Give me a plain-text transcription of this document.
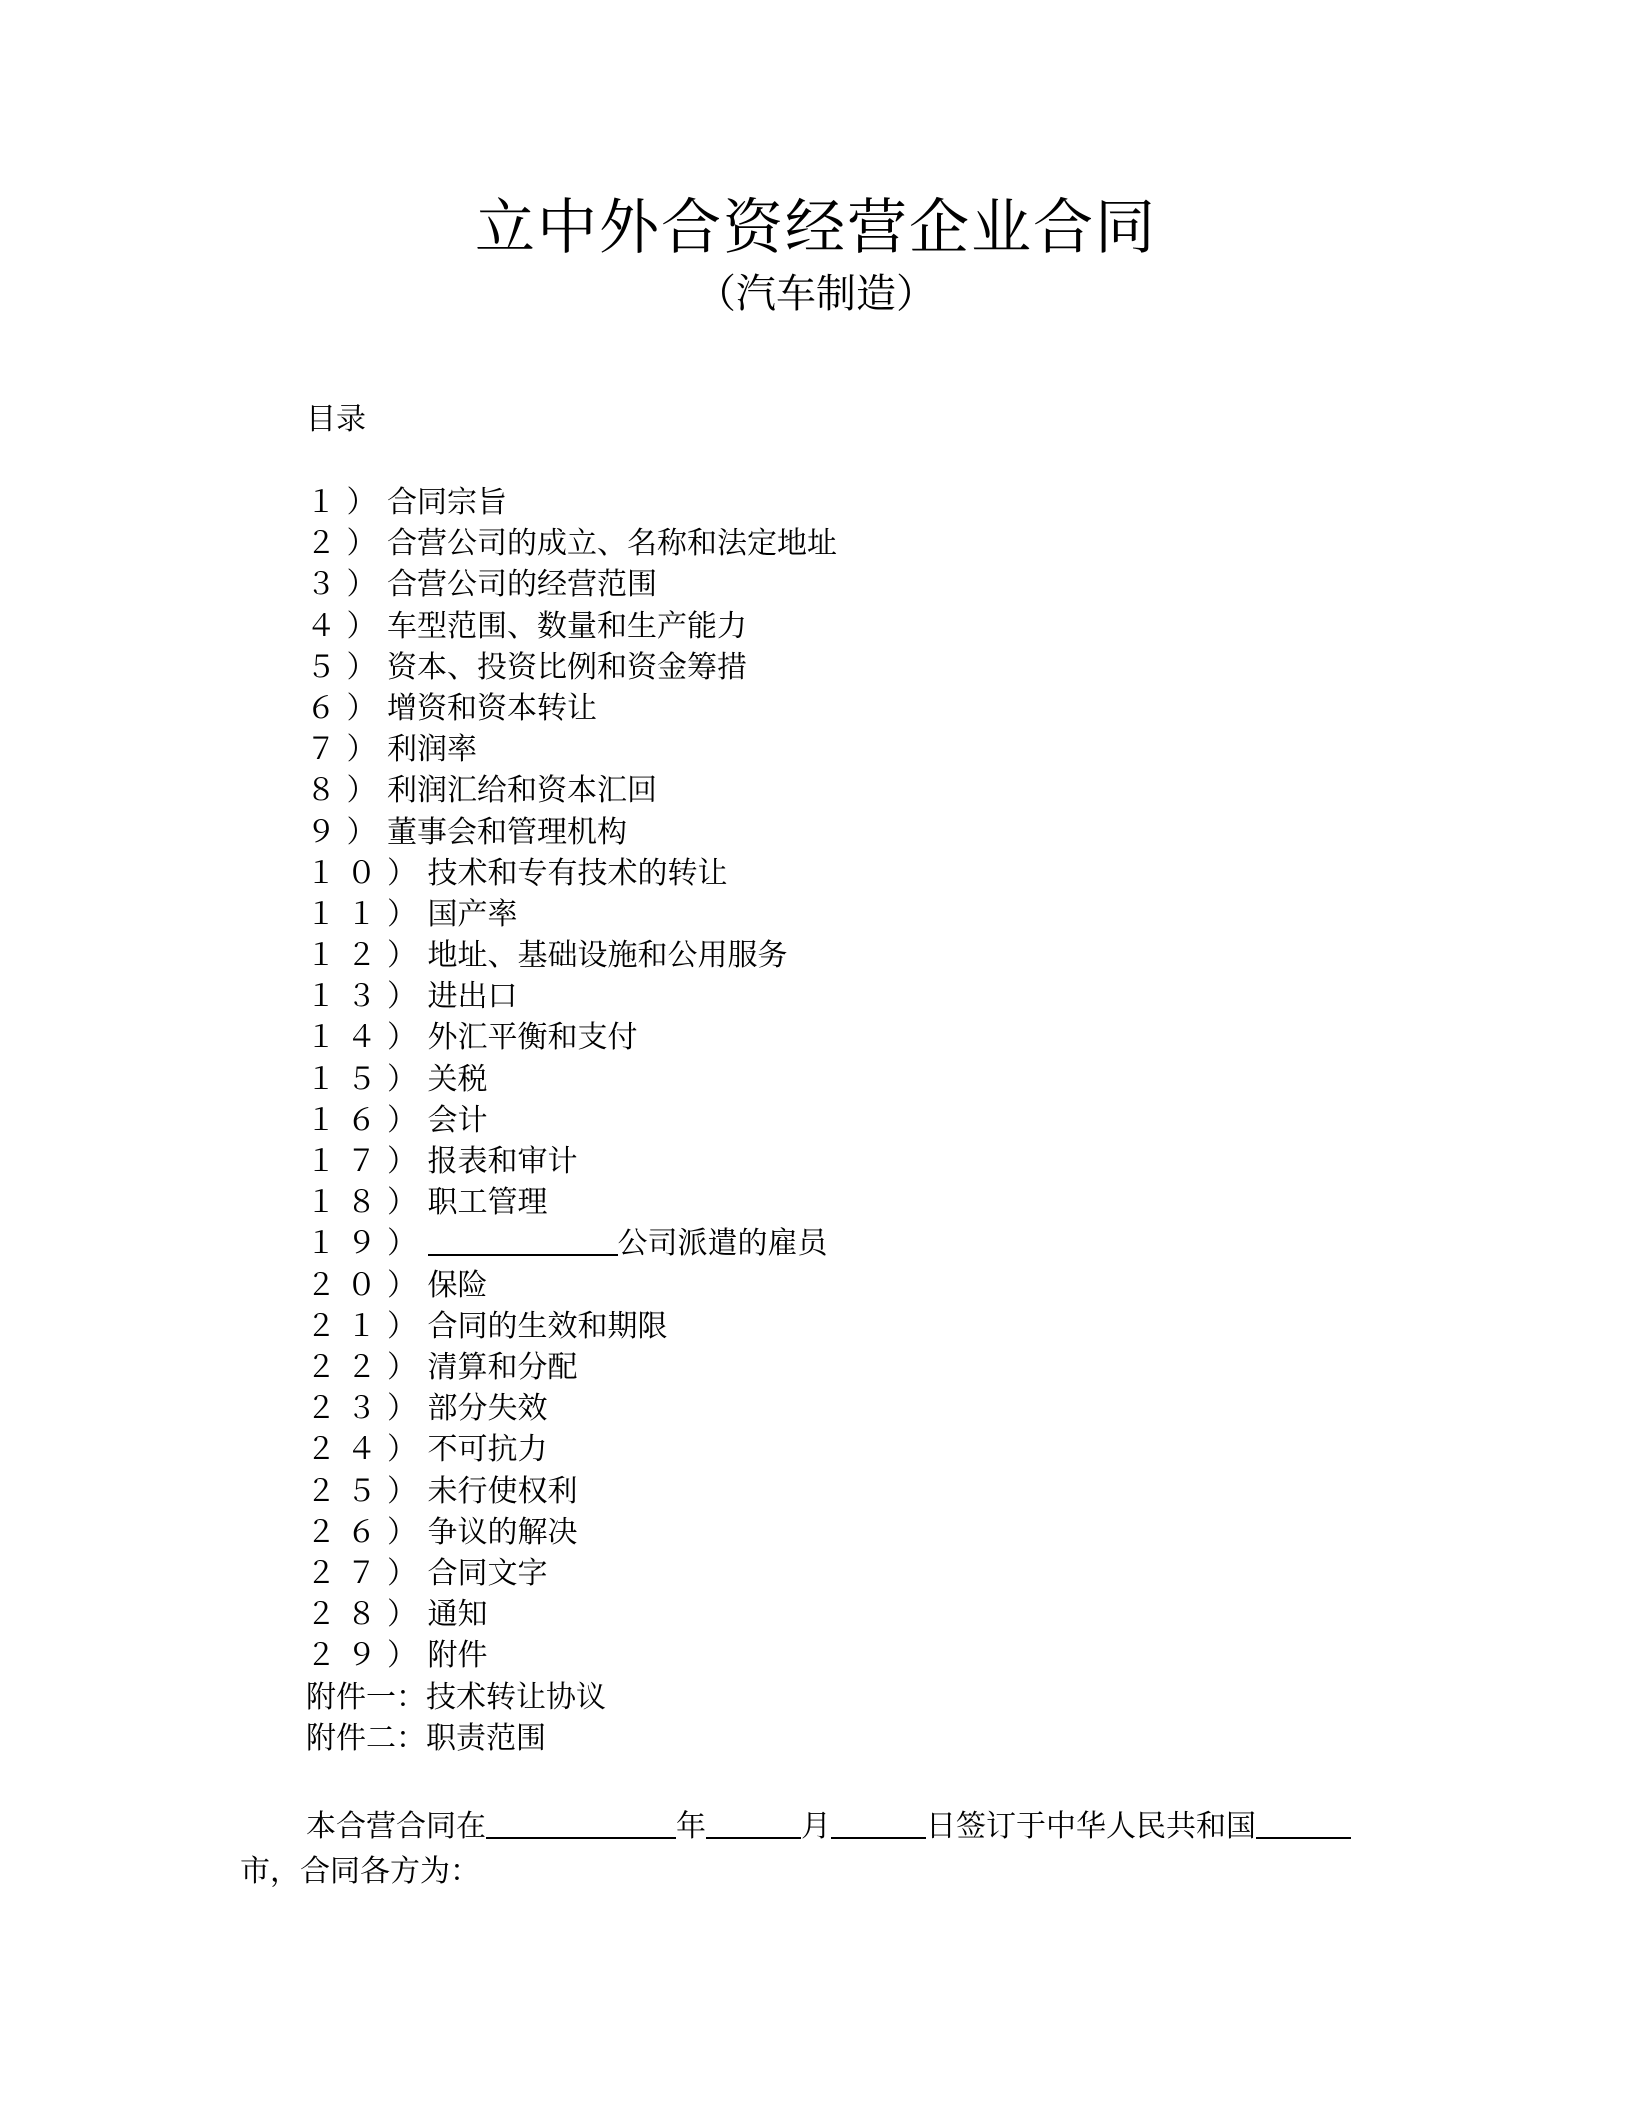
立中外合资经营企业合同
（汽车制造）
目录
１）合同宗旨
２）合营公司的成立、名称和法定地址
３）合营公司的经营范围
４）车型范围、数量和生产能力
５）资本、投资比例和资金筹措
６）增资和资本转让
７）利润率
８）利润汇给和资本汇回
９）董事会和管理机构
１０）技术和专有技术的转让
１１）国产率
１２）地址、基础设施和公用服务
１３）进出口
１４）外汇平衡和支付
１５）关税
１６）会计
１７）报表和审计
１８）职工管理
１９）	公司派遣的雇员
２０）保险
２１）合同的生效和期限
２２）清算和分配
２３）部分失效
２４）不可抗力
２５）未行使权利
２６）争议的解决
２７）合同文字
２８）通知
２９）附件
附件一：技术转让协议
附件二：职责范围
本合营合同在	年	月	日签订于中华人民共和国
市，合同各方为：
